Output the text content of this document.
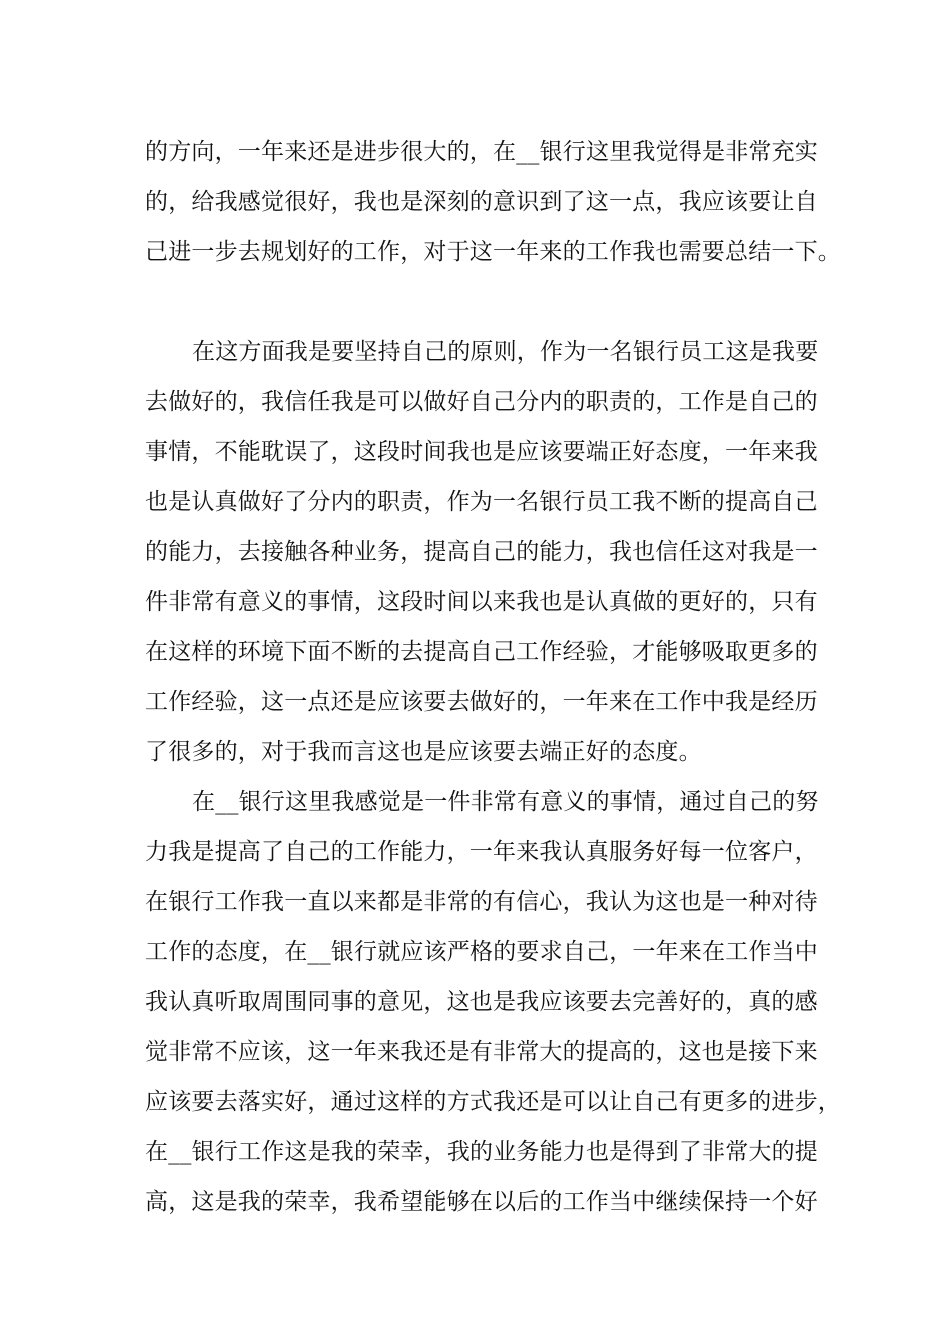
的方向，一年来还是进步很大的，在__银行这里我觉得是非常充实
的，给我感觉很好，我也是深刻的意识到了这一点，我应该要让自
己进一步去规划好的工作，对于这一年来的工作我也需要总结一下。
在这方面我是要坚持自己的原则，作为一名银行员工这是我要
去做好的，我信任我是可以做好自己分内的职责的，工作是自己的
事情，不能耽误了，这段时间我也是应该要端正好态度，一年来我
也是认真做好了分内的职责，作为一名银行员工我不断的提高自己
的能力，去接触各种业务，提高自己的能力，我也信任这对我是一
件非常有意义的事情，这段时间以来我也是认真做的更好的，只有
在这样的环境下面不断的去提高自己工作经验，才能够吸取更多的
工作经验，这一点还是应该要去做好的，一年来在工作中我是经历
了很多的，对于我而言这也是应该要去端正好的态度。
在__银行这里我感觉是一件非常有意义的事情，通过自己的努
力我是提高了自己的工作能力，一年来我认真服务好每一位客户，
在银行工作我一直以来都是非常的有信心，我认为这也是一种对待
工作的态度，在__银行就应该严格的要求自己，一年来在工作当中
我认真听取周围同事的意见，这也是我应该要去完善好的，真的感
觉非常不应该，这一年来我还是有非常大的提高的，这也是接下来
应该要去落实好，通过这样的方式我还是可以让自己有更多的进步，
在__银行工作这是我的荣幸，我的业务能力也是得到了非常大的提
高，这是我的荣幸，我希望能够在以后的工作当中继续保持一个好
